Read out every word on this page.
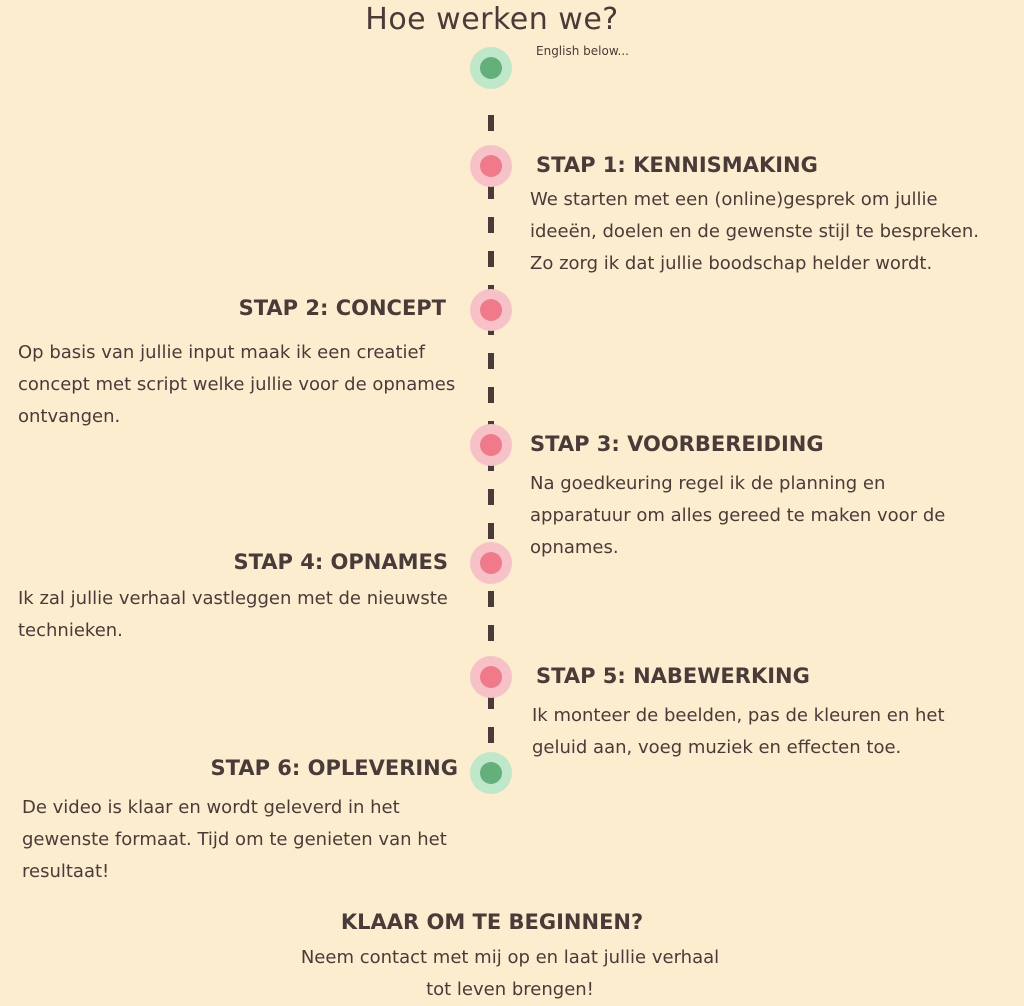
Hoe werken we?
English below...
STAP 1: KENNISMAKING
We starten met een (online)gesprek om jullie ideeën, doelen en de gewenste stijl te bespreken. Zo zorg ik dat jullie boodschap helder wordt.
STAP 2: CONCEPT
Op basis van jullie input maak ik een creatief concept met script welke jullie voor de opnames ontvangen.
STAP 3: VOORBEREIDING
Na goedkeuring regel ik de planning en apparatuur om alles gereed te maken voor de opnames.
STAP 4: OPNAMES
Ik zal jullie verhaal vastleggen met de nieuwste technieken.
STAP 5: NABEWERKING
Ik monteer de beelden, pas de kleuren en het geluid aan, voeg muziek en effecten toe.
STAP 6: OPLEVERING
De video is klaar en wordt geleverd in het gewenste formaat. Tijd om te genieten van het resultaat!
KLAAR OM TE BEGINNEN?
Neem contact met mij op en laat jullie verhaal tot leven brengen!
